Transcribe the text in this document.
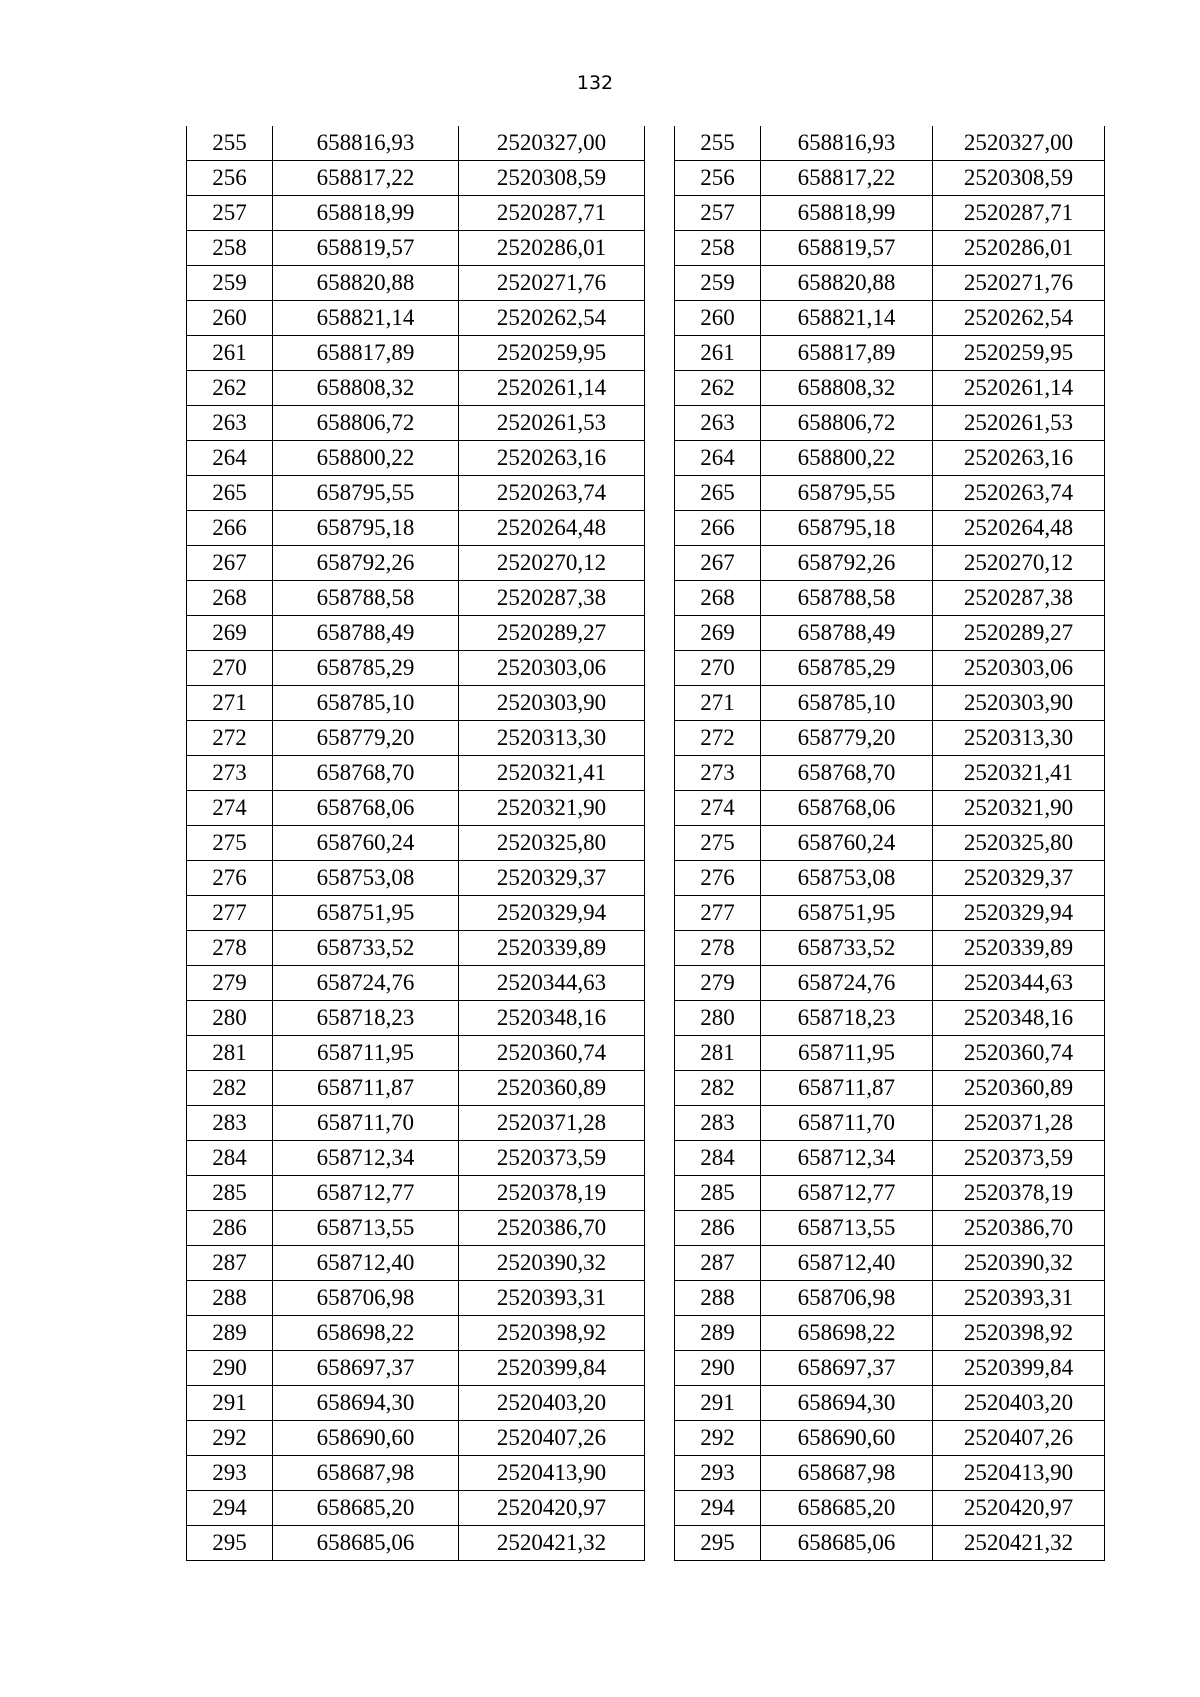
132
255	658816,93	2520327,00
256	658817,22	2520308,59
257	658818,99	2520287,71
258	658819,57	2520286,01
259	658820,88	2520271,76
260	658821,14	2520262,54
261	658817,89	2520259,95
262	658808,32	2520261,14
263	658806,72	2520261,53
264	658800,22	2520263,16
265	658795,55	2520263,74
266	658795,18	2520264,48
267	658792,26	2520270,12
268	658788,58	2520287,38
269	658788,49	2520289,27
270	658785,29	2520303,06
271	658785,10	2520303,90
272	658779,20	2520313,30
273	658768,70	2520321,41
274	658768,06	2520321,90
275	658760,24	2520325,80
276	658753,08	2520329,37
277	658751,95	2520329,94
278	658733,52	2520339,89
279	658724,76	2520344,63
280	658718,23	2520348,16
281	658711,95	2520360,74
282	658711,87	2520360,89
283	658711,70	2520371,28
284	658712,34	2520373,59
285	658712,77	2520378,19
286	658713,55	2520386,70
287	658712,40	2520390,32
288	658706,98	2520393,31
289	658698,22	2520398,92
290	658697,37	2520399,84
291	658694,30	2520403,20
292	658690,60	2520407,26
293	658687,98	2520413,90
294	658685,20	2520420,97
295	658685,06	2520421,32
255	658816,93	2520327,00
256	658817,22	2520308,59
257	658818,99	2520287,71
258	658819,57	2520286,01
259	658820,88	2520271,76
260	658821,14	2520262,54
261	658817,89	2520259,95
262	658808,32	2520261,14
263	658806,72	2520261,53
264	658800,22	2520263,16
265	658795,55	2520263,74
266	658795,18	2520264,48
267	658792,26	2520270,12
268	658788,58	2520287,38
269	658788,49	2520289,27
270	658785,29	2520303,06
271	658785,10	2520303,90
272	658779,20	2520313,30
273	658768,70	2520321,41
274	658768,06	2520321,90
275	658760,24	2520325,80
276	658753,08	2520329,37
277	658751,95	2520329,94
278	658733,52	2520339,89
279	658724,76	2520344,63
280	658718,23	2520348,16
281	658711,95	2520360,74
282	658711,87	2520360,89
283	658711,70	2520371,28
284	658712,34	2520373,59
285	658712,77	2520378,19
286	658713,55	2520386,70
287	658712,40	2520390,32
288	658706,98	2520393,31
289	658698,22	2520398,92
290	658697,37	2520399,84
291	658694,30	2520403,20
292	658690,60	2520407,26
293	658687,98	2520413,90
294	658685,20	2520420,97
295	658685,06	2520421,32
